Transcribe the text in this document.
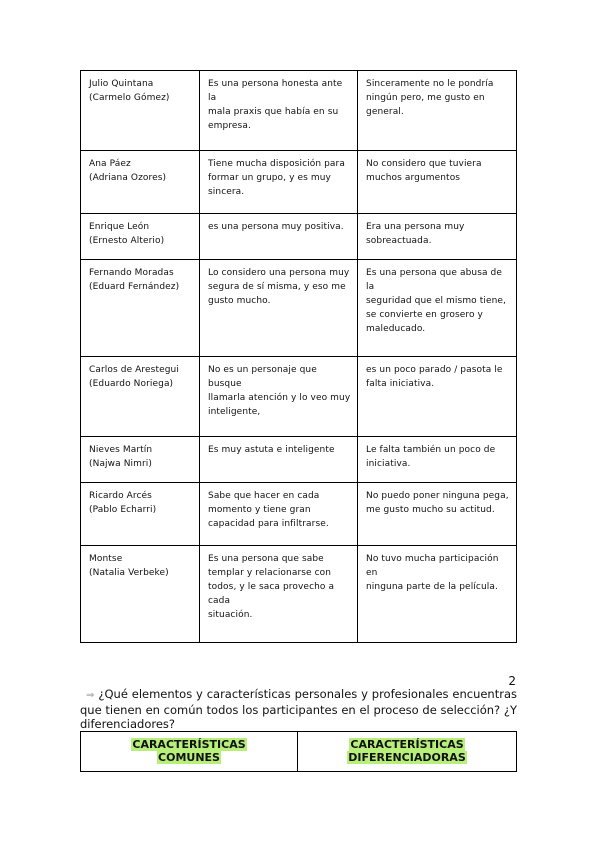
Julio Quintana
(Carmelo Gómez)	Es una persona honesta ante la
mala praxis que había en su
empresa.	Sinceramente no le pondría
ningún pero, me gusto en
general.

Ana Páez
(Adriana Ozores)	Tiene mucha disposición para
formar un grupo, y es muy
sincera.	No considero que tuviera
muchos argumentos

Enrique León
(Ernesto Alterio)	es una persona muy positiva.	Era una persona muy
sobreactuada.

Fernando Moradas
(Eduard Fernández)	Lo considero una persona muy
segura de sí misma, y eso me
gusto mucho.	Es una persona que abusa de la
seguridad que el mismo tiene,
se convierte en grosero y
maleducado.

Carlos de Arestegui
(Eduardo Noriega)	No es un personaje que busque
llamarla atención y lo veo muy
inteligente,	es un poco parado / pasota le
falta iniciativa.

Nieves Martín
(Najwa Nimri)	Es muy astuta e inteligente	Le falta también un poco de
iniciativa.

Ricardo Arcés
(Pablo Echarri)	Sabe que hacer en cada
momento y tiene gran
capacidad para infiltrarse.	No puedo poner ninguna pega,
me gusto mucho su actitud.

Montse
(Natalia Verbeke)	Es una persona que sabe
templar y relacionarse con
todos, y le saca provecho a cada
situación.	No tuvo mucha participación en
ninguna parte de la película.
2
⇒ ¿Qué elementos y características personales y profesionales encuentras que tienen en común todos los participantes en el proceso de selección? ¿Y diferenciadores?
CARACTERÍSTICAS
COMUNES	CARACTERÍSTICAS
DIFERENCIADORAS
